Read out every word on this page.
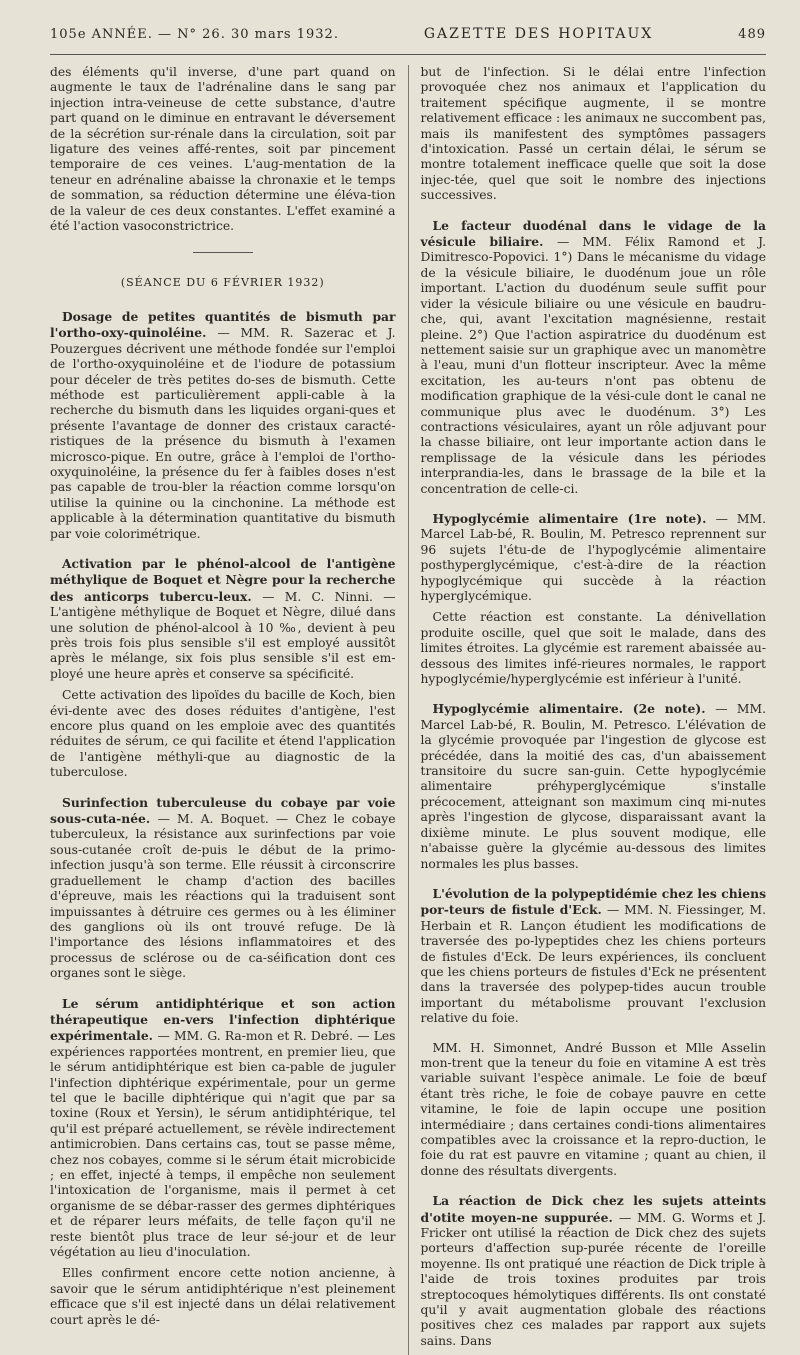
105e ANNÉE. — N° 26. 30 mars 1932.	GAZETTE DES HOPITAUX	489

des éléments qu'il inverse, d'une part quand on augmente le taux de l'adrénaline dans le sang par injection intra-veineuse de cette substance, d'autre part quand on le diminue en entravant le déversement de la sécrétion sur-rénale dans la circulation, soit par ligature des veines affé-rentes, soit par pincement temporaire de ces veines. L'aug-mentation de la teneur en adrénaline abaisse la chronaxie et le temps de sommation, sa réduction détermine une éléva-tion de la valeur de ces deux constantes. L'effet examiné a été l'action vasoconstrictrice.

(SÉANCE DU 6 FÉVRIER 1932)

Dosage de petites quantités de bismuth par l'ortho-oxy-quinoléine. — MM. R. Sazerac et J. Pouzergues décrivent une méthode fondée sur l'emploi de l'ortho-oxyquinoléine et de l'iodure de potassium pour déceler de très petites do-ses de bismuth. Cette méthode est particulièrement appli-cable à la recherche du bismuth dans les liquides organi-ques et présente l'avantage de donner des cristaux caracté-ristiques de la présence du bismuth à l'examen microsco-pique. En outre, grâce à l'emploi de l'ortho-oxyquinoléine, la présence du fer à faibles doses n'est pas capable de trou-bler la réaction comme lorsqu'on utilise la quinine ou la cinchonine. La méthode est applicable à la détermination quantitative du bismuth par voie colorimétrique.

Activation par le phénol-alcool de l'antigène méthylique de Boquet et Nègre pour la recherche des anticorps tubercu-leux. — M. C. Ninni. — L'antigène méthylique de Boquet et Nègre, dilué dans une solution de phénol-alcool à 10 ‰, devient à peu près trois fois plus sensible s'il est employé aussitôt après le mélange, six fois plus sensible s'il est em-ployé une heure après et conserve sa spécificité.

Cette activation des lipoïdes du bacille de Koch, bien évi-dente avec des doses réduites d'antigène, l'est encore plus quand on les emploie avec des quantités réduites de sérum, ce qui facilite et étend l'application de l'antigène méthyli-que au diagnostic de la tuberculose.

Surinfection tuberculeuse du cobaye par voie sous-cuta-née. — M. A. Boquet. — Chez le cobaye tuberculeux, la résistance aux surinfections par voie sous-cutanée croît de-puis le début de la primo-infection jusqu'à son terme. Elle réussit à circonscrire graduellement le champ d'action des bacilles d'épreuve, mais les réactions qui la traduisent sont impuissantes à détruire ces germes ou à les éliminer des ganglions où ils ont trouvé refuge. De là l'importance des lésions inflammatoires et des processus de sclérose ou de ca-séification dont ces organes sont le siège.

Le sérum antidiphtérique et son action thérapeutique en-vers l'infection diphtérique expérimentale. — MM. G. Ra-mon et R. Debré. — Les expériences rapportées montrent, en premier lieu, que le sérum antidiphtérique est bien ca-pable de juguler l'infection diphtérique expérimentale, pour un germe tel que le bacille diphtérique qui n'agit que par sa toxine (Roux et Yersin), le sérum antidiphtérique, tel qu'il est préparé actuellement, se révèle indirectement antimicrobien. Dans certains cas, tout se passe même, chez nos cobayes, comme si le sérum était microbicide ; en effet, injecté à temps, il empêche non seulement l'intoxication de l'organisme, mais il permet à cet organisme de se débar-rasser des germes diphtériques et de réparer leurs méfaits, de telle façon qu'il ne reste bientôt plus trace de leur sé-jour et de leur végétation au lieu d'inoculation.

Elles confirment encore cette notion ancienne, à savoir que le sérum antidiphtérique n'est pleinement efficace que s'il est injecté dans un délai relativement court après le dé-

but de l'infection. Si le délai entre l'infection provoquée chez nos animaux et l'application du traitement spécifique augmente, il se montre relativement efficace : les animaux ne succombent pas, mais ils manifestent des symptômes passagers d'intoxication. Passé un certain délai, le sérum se montre totalement inefficace quelle que soit la dose injec-tée, quel que soit le nombre des injections successives.

Le facteur duodénal dans le vidage de la vésicule biliaire. — MM. Félix Ramond et J. Dimitresco-Popovici. 1°) Dans le mécanisme du vidage de la vésicule biliaire, le duodénum joue un rôle important. L'action du duodénum seule suffit pour vider la vésicule biliaire ou une vésicule en baudru-che, qui, avant l'excitation magnésienne, restait pleine. 2°) Que l'action aspiratrice du duodénum est nettement saisie sur un graphique avec un manomètre à l'eau, muni d'un flotteur inscripteur. Avec la même excitation, les au-teurs n'ont pas obtenu de modification graphique de la vési-cule dont le canal ne communique plus avec le duodénum. 3°) Les contractions vésiculaires, ayant un rôle adjuvant pour la chasse biliaire, ont leur importante action dans le remplissage de la vésicule dans les périodes interprandia-les, dans le brassage de la bile et la concentration de celle-ci.

Hypoglycémie alimentaire (1re note). — MM. Marcel Lab-bé, R. Boulin, M. Petresco reprennent sur 96 sujets l'étu-de de l'hypoglycémie alimentaire posthyperglycémique, c'est-à-dire de la réaction hypoglycémique qui succède à la réaction hyperglycémique.

Cette réaction est constante. La dénivellation produite oscille, quel que soit le malade, dans des limites étroites. La glycémie est rarement abaissée au-dessous des limites infé-rieures normales, le rapport hypoglycémie/hyperglycémie est inférieur à l'unité.

Hypoglycémie alimentaire. (2e note). — MM. Marcel Lab-bé, R. Boulin, M. Petresco. L'élévation de la glycémie provoquée par l'ingestion de glycose est précédée, dans la moitié des cas, d'un abaissement transitoire du sucre san-guin. Cette hypoglycémie alimentaire préhyperglycémique s'installe précocement, atteignant son maximum cinq mi-nutes après l'ingestion de glycose, disparaissant avant la dixième minute. Le plus souvent modique, elle n'abaisse guère la glycémie au-dessous des limites normales les plus basses.

L'évolution de la polypeptidémie chez les chiens por-teurs de fistule d'Eck. — MM. N. Fiessinger, M. Herbain et R. Lançon étudient les modifications de traversée des po-lypeptides chez les chiens porteurs de fistules d'Eck. De leurs expériences, ils concluent que les chiens porteurs de fistules d'Eck ne présentent dans la traversée des polypep-tides aucun trouble important du métabolisme prouvant l'exclusion relative du foie.

MM. H. Simonnet, André Busson et Mlle Asselin mon-trent que la teneur du foie en vitamine A est très variable suivant l'espèce animale. Le foie de bœuf étant très riche, le foie de cobaye pauvre en cette vitamine, le foie de lapin occupe une position intermédiaire ; dans certaines condi-tions alimentaires compatibles avec la croissance et la repro-duction, le foie du rat est pauvre en vitamine ; quant au chien, il donne des résultats divergents.

La réaction de Dick chez les sujets atteints d'otite moyen-ne suppurée. — MM. G. Worms et J. Fricker ont utilisé la réaction de Dick chez des sujets porteurs d'affection sup-purée récente de l'oreille moyenne. Ils ont pratiqué une réaction de Dick triple à l'aide de trois toxines produites par trois streptocoques hémolytiques différents. Ils ont constaté qu'il y avait augmentation globale des réactions positives chez ces malades par rapport aux sujets sains. Dans
